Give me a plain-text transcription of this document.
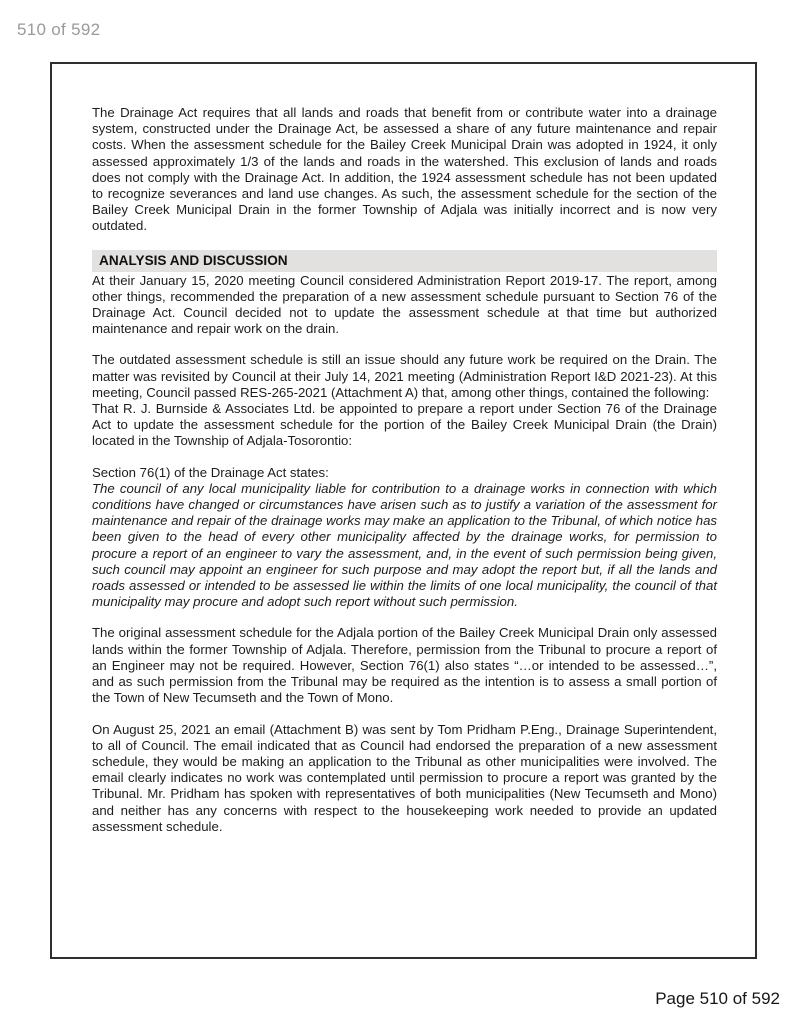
510 of 592

The Drainage Act requires that all lands and roads that benefit from or contribute water into a drainage system, constructed under the Drainage Act, be assessed a share of any future maintenance and repair costs. When the assessment schedule for the Bailey Creek Municipal Drain was adopted in 1924, it only assessed approximately 1/3 of the lands and roads in the watershed. This exclusion of lands and roads does not comply with the Drainage Act. In addition, the 1924 assessment schedule has not been updated to recognize severances and land use changes. As such, the assessment schedule for the section of the Bailey Creek Municipal Drain in the former Township of Adjala was initially incorrect and is now very outdated.

ANALYSIS AND DISCUSSION

At their January 15, 2020 meeting Council considered Administration Report 2019-17. The report, among other things, recommended the preparation of a new assessment schedule pursuant to Section 76 of the Drainage Act. Council decided not to update the assessment schedule at that time but authorized maintenance and repair work on the drain.

The outdated assessment schedule is still an issue should any future work be required on the Drain. The matter was revisited by Council at their July 14, 2021 meeting (Administration Report I&D 2021-23). At this meeting, Council passed RES-265-2021 (Attachment A) that, among other things, contained the following:

That R. J. Burnside & Associates Ltd. be appointed to prepare a report under Section 76 of the Drainage Act to update the assessment schedule for the portion of the Bailey Creek Municipal Drain (the Drain) located in the Township of Adjala-Tosorontio:

Section 76(1) of the Drainage Act states:

The council of any local municipality liable for contribution to a drainage works in connection with which conditions have changed or circumstances have arisen such as to justify a variation of the assessment for maintenance and repair of the drainage works may make an application to the Tribunal, of which notice has been given to the head of every other municipality affected by the drainage works, for permission to procure a report of an engineer to vary the assessment, and, in the event of such permission being given, such council may appoint an engineer for such purpose and may adopt the report but, if all the lands and roads assessed or intended to be assessed lie within the limits of one local municipality, the council of that municipality may procure and adopt such report without such permission.

The original assessment schedule for the Adjala portion of the Bailey Creek Municipal Drain only assessed lands within the former Township of Adjala. Therefore, permission from the Tribunal to procure a report of an Engineer may not be required. However, Section 76(1) also states “…or intended to be assessed…”, and as such permission from the Tribunal may be required as the intention is to assess a small portion of the Town of New Tecumseth and the Town of Mono.

On August 25, 2021 an email (Attachment B) was sent by Tom Pridham P.Eng., Drainage Superintendent, to all of Council. The email indicated that as Council had endorsed the preparation of a new assessment schedule, they would be making an application to the Tribunal as other municipalities were involved. The email clearly indicates no work was contemplated until permission to procure a report was granted by the Tribunal. Mr. Pridham has spoken with representatives of both municipalities (New Tecumseth and Mono) and neither has any concerns with respect to the housekeeping work needed to provide an updated assessment schedule.

Page 510 of 592
